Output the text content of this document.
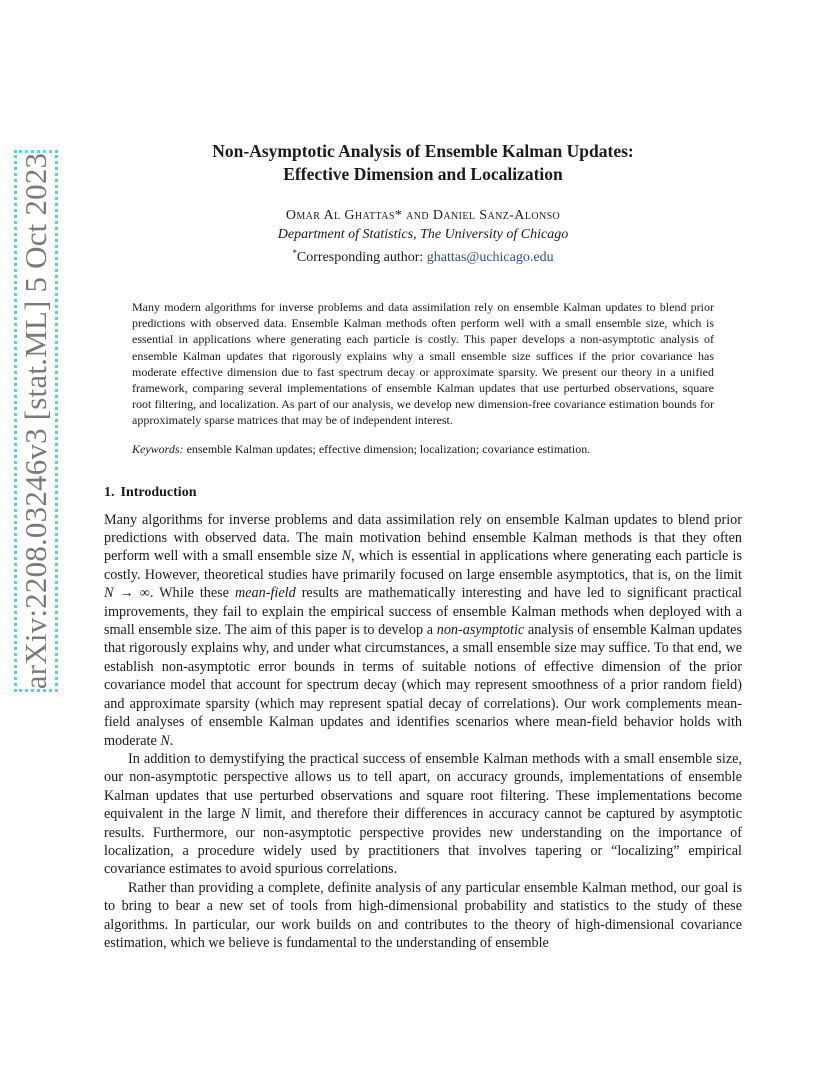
arXiv:2208.03246v3 [stat.ML] 5 Oct 2023
Non-Asymptotic Analysis of Ensemble Kalman Updates:
Effective Dimension and Localization
Omar Al Ghattas* and Daniel Sanz-Alonso
Department of Statistics, The University of Chicago
*Corresponding author: ghattas@uchicago.edu
Many modern algorithms for inverse problems and data assimilation rely on ensemble Kalman updates to blend prior predictions with observed data. Ensemble Kalman methods often perform well with a small ensemble size, which is essential in applications where generating each particle is costly. This paper develops a non-asymptotic analysis of ensemble Kalman updates that rigorously explains why a small ensemble size suffices if the prior covariance has moderate effective dimension due to fast spectrum decay or approximate sparsity. We present our theory in a unified framework, comparing several implementations of ensemble Kalman updates that use perturbed observations, square root filtering, and localization. As part of our analysis, we develop new dimension-free covariance estimation bounds for approximately sparse matrices that may be of independent interest.
Keywords: ensemble Kalman updates; effective dimension; localization; covariance estimation.
1. Introduction

Many algorithms for inverse problems and data assimilation rely on ensemble Kalman updates to blend prior predictions with observed data. The main motivation behind ensemble Kalman methods is that they often perform well with a small ensemble size N, which is essential in applications where generating each particle is costly. However, theoretical studies have primarily focused on large ensemble asymptotics, that is, on the limit N → ∞. While these mean-field results are mathematically interesting and have led to significant practical improvements, they fail to explain the empirical success of ensemble Kalman methods when deployed with a small ensemble size. The aim of this paper is to develop a non-asymptotic analysis of ensemble Kalman updates that rigorously explains why, and under what circumstances, a small ensemble size may suffice. To that end, we establish non-asymptotic error bounds in terms of suitable notions of effective dimension of the prior covariance model that account for spectrum decay (which may represent smoothness of a prior random field) and approximate sparsity (which may represent spatial decay of correlations). Our work complements mean-field analyses of ensemble Kalman updates and identifies scenarios where mean-field behavior holds with moderate N.

In addition to demystifying the practical success of ensemble Kalman methods with a small ensemble size, our non-asymptotic perspective allows us to tell apart, on accuracy grounds, implementations of ensemble Kalman updates that use perturbed observations and square root filtering. These implementations become equivalent in the large N limit, and therefore their differences in accuracy cannot be captured by asymptotic results. Furthermore, our non-asymptotic perspective provides new understanding on the importance of localization, a procedure widely used by practitioners that involves tapering or “localizing” empirical covariance estimates to avoid spurious correlations.

Rather than providing a complete, definite analysis of any particular ensemble Kalman method, our goal is to bring to bear a new set of tools from high-dimensional probability and statistics to the study of these algorithms. In particular, our work builds on and contributes to the theory of high-dimensional covariance estimation, which we believe is fundamental to the understanding of ensemble
